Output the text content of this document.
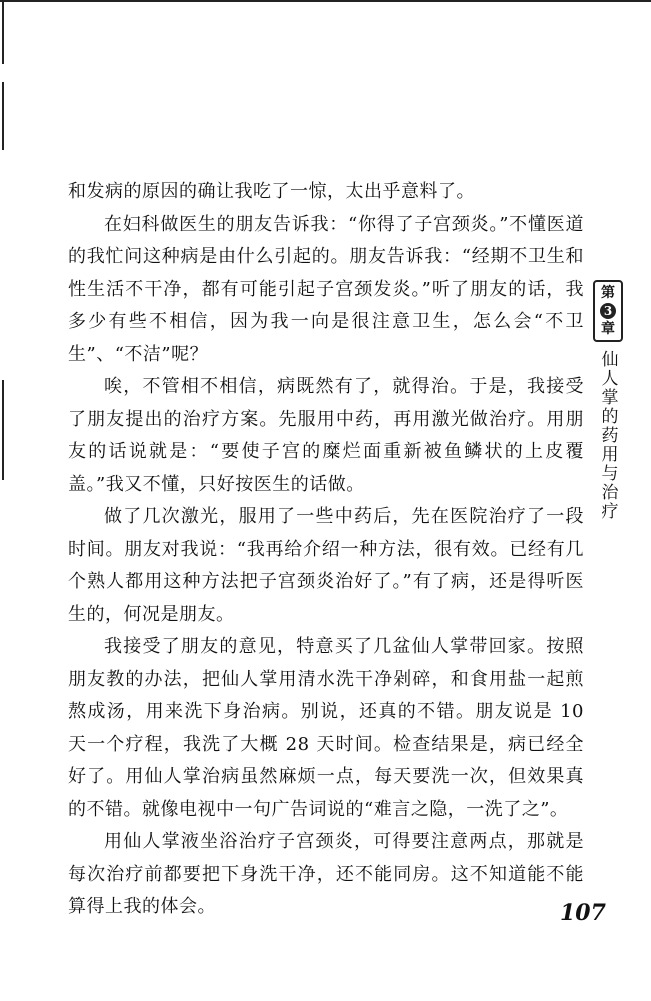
和发病的原因的确让我吃了一惊，太出乎意料了。

在妇科做医生的朋友告诉我：“你得了子宫颈炎。”不懂医道的我忙问这种病是由什么引起的。朋友告诉我：“经期不卫生和性生活不干净，都有可能引起子宫颈发炎。”听了朋友的话，我多少有些不相信，因为我一向是很注意卫生，怎么会“不卫生”、“不洁”呢？

唉，不管相不相信，病既然有了，就得治。于是，我接受了朋友提出的治疗方案。先服用中药，再用激光做治疗。用朋友的话说就是：“要使子宫的糜烂面重新被鱼鳞状的上皮覆盖。”我又不懂，只好按医生的话做。

做了几次激光，服用了一些中药后，先在医院治疗了一段时间。朋友对我说：“我再给介绍一种方法，很有效。已经有几个熟人都用这种方法把子宫颈炎治好了。”有了病，还是得听医生的，何况是朋友。

我接受了朋友的意见，特意买了几盆仙人掌带回家。按照朋友教的办法，把仙人掌用清水洗干净剁碎，和食用盐一起煎熬成汤，用来洗下身治病。别说，还真的不错。朋友说是 10 天一个疗程，我洗了大概 28 天时间。检查结果是，病已经全好了。用仙人掌治病虽然麻烦一点，每天要洗一次，但效果真的不错。就像电视中一句广告词说的“难言之隐，一洗了之”。

用仙人掌液坐浴治疗子宫颈炎，可得要注意两点，那就是每次治疗前都要把下身洗干净，还不能同房。这不知道能不能算得上我的体会。

第
3
章
仙人掌的药用与治疗
107
